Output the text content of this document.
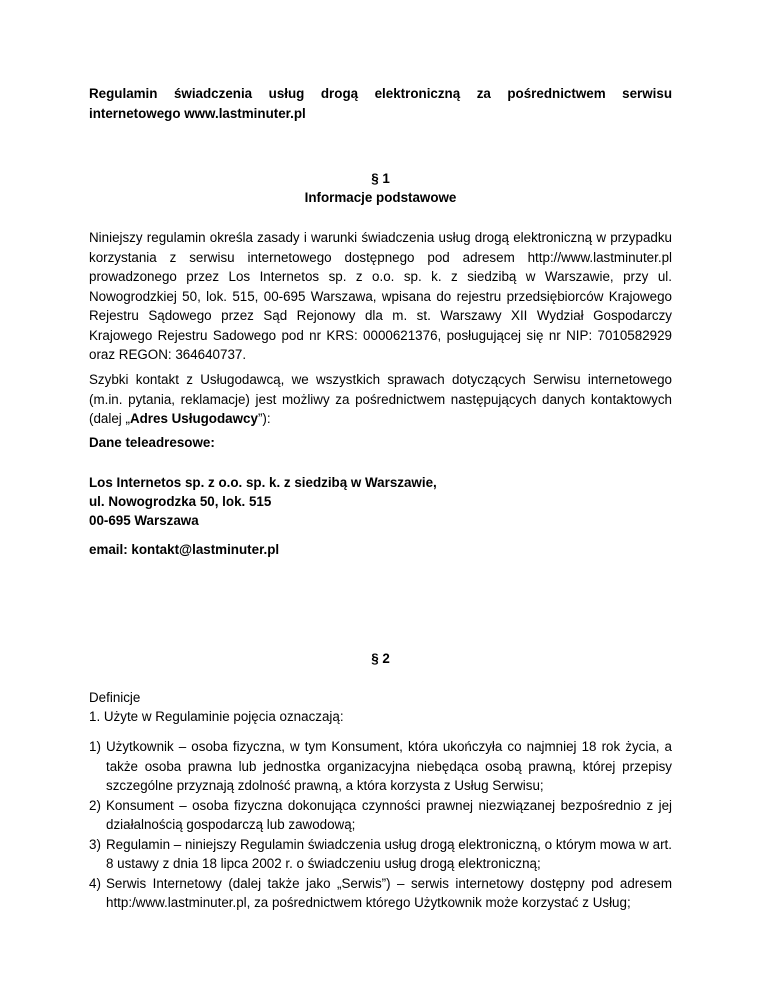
Regulamin świadczenia usług drogą elektroniczną za pośrednictwem serwisu internetowego www.lastminuter.pl

§ 1

Informacje podstawowe

Niniejszy regulamin określa zasady i warunki świadczenia usług drogą elektroniczną w przypadku korzystania z serwisu internetowego dostępnego pod adresem http://www.lastminuter.pl prowadzonego przez Los Internetos sp. z o.o. sp. k. z siedzibą w Warszawie, przy ul. Nowogrodzkiej 50, lok. 515, 00-695 Warszawa, wpisana do rejestru przedsiębiorców Krajowego Rejestru Sądowego przez Sąd Rejonowy dla m. st. Warszawy XII Wydział Gospodarczy Krajowego Rejestru Sadowego pod nr KRS: 0000621376, posługującej się nr NIP: 7010582929 oraz REGON: 364640737.

Szybki kontakt z Usługodawcą, we wszystkich sprawach dotyczących Serwisu internetowego (m.in. pytania, reklamacje) jest możliwy za pośrednictwem następujących danych kontaktowych (dalej „Adres Usługodawcy”):

Dane teleadresowe:

Los Internetos sp. z o.o. sp. k. z siedzibą w Warszawie,

ul. Nowogrodzka 50, lok. 515

00-695 Warszawa

email: kontakt@lastminuter.pl

§ 2

Definicje

1. Użyte w Regulaminie pojęcia oznaczają:

1) Użytkownik – osoba fizyczna, w tym Konsument, która ukończyła co najmniej 18 rok życia, a także osoba prawna lub jednostka organizacyjna niebędąca osobą prawną, której przepisy szczególne przyznają zdolność prawną, a która korzysta z Usług Serwisu;
2) Konsument – osoba fizyczna dokonująca czynności prawnej niezwiązanej bezpośrednio z jej działalnością gospodarczą lub zawodową;
3) Regulamin – niniejszy Regulamin świadczenia usług drogą elektroniczną, o którym mowa w art. 8 ustawy z dnia 18 lipca 2002 r. o świadczeniu usług drogą elektroniczną;
4) Serwis Internetowy (dalej także jako „Serwis”) – serwis internetowy dostępny pod adresem http:/www.lastminuter.pl, za pośrednictwem którego Użytkownik może korzystać z Usług;
